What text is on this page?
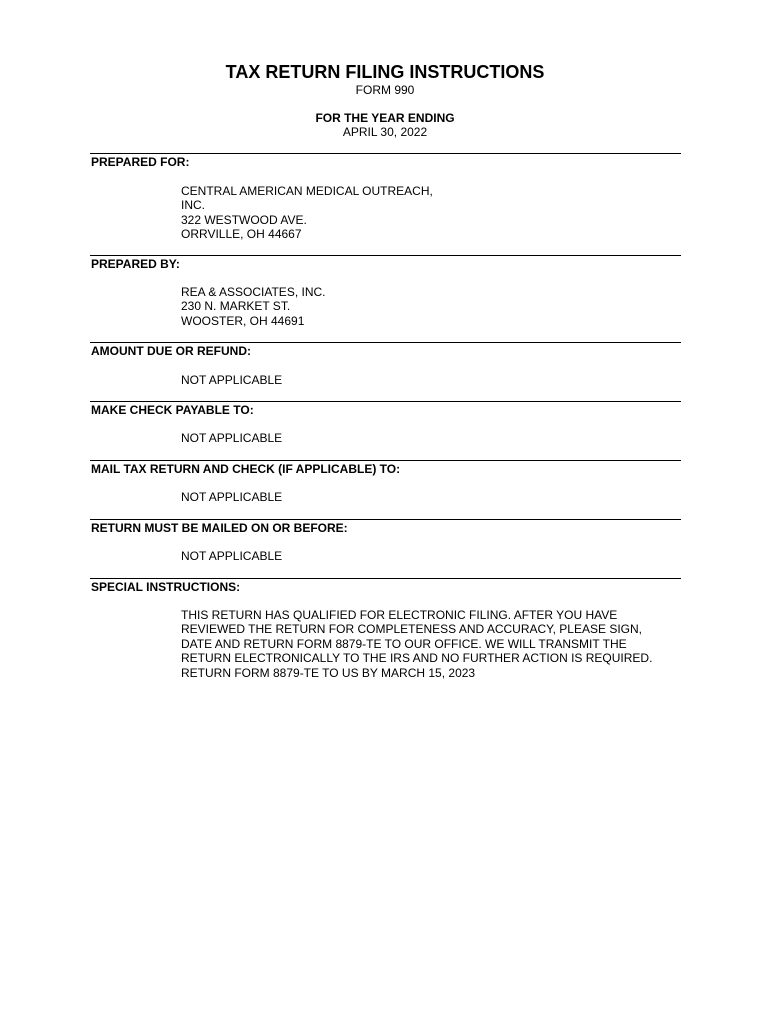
TAX RETURN FILING INSTRUCTIONS
FORM 990
FOR THE YEAR ENDING
APRIL 30, 2022
PREPARED FOR:
CENTRAL AMERICAN MEDICAL OUTREACH,
INC.
322 WESTWOOD AVE.
ORRVILLE, OH 44667
PREPARED BY:
REA & ASSOCIATES, INC.
230 N. MARKET ST.
WOOSTER, OH 44691
AMOUNT DUE OR REFUND:
NOT APPLICABLE
MAKE CHECK PAYABLE TO:
NOT APPLICABLE
MAIL TAX RETURN AND CHECK (IF APPLICABLE) TO:
NOT APPLICABLE
RETURN MUST BE MAILED ON OR BEFORE:
NOT APPLICABLE
SPECIAL INSTRUCTIONS:
THIS RETURN HAS QUALIFIED FOR ELECTRONIC FILING. AFTER YOU HAVE
REVIEWED THE RETURN FOR COMPLETENESS AND ACCURACY, PLEASE SIGN,
DATE AND RETURN FORM 8879-TE TO OUR OFFICE. WE WILL TRANSMIT THE
RETURN ELECTRONICALLY TO THE IRS AND NO FURTHER ACTION IS REQUIRED.
RETURN FORM 8879-TE TO US BY MARCH 15, 2023
